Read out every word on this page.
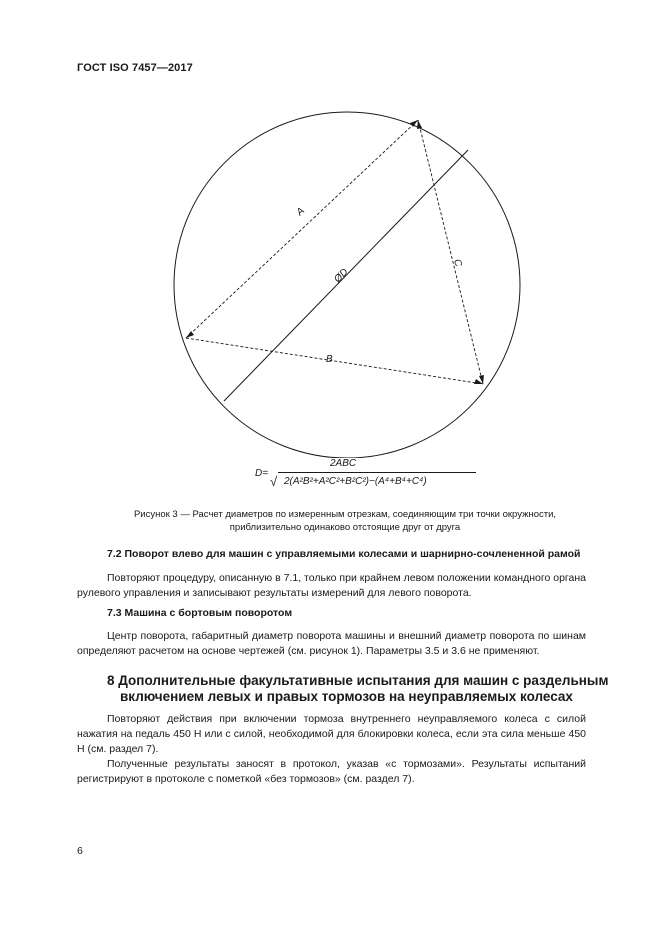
ГОСТ ISO 7457—2017
A
B
C
ØD
D=
2ABC
√ 2(A²B²+A²C²+B²C²)−(A⁴+B⁴+C⁴)
Рисунок 3 — Расчет диаметров по измеренным отрезкам, соединяющим три точки окружности,
приблизительно одинаково отстоящие друг от друга
7.2 Поворот влево для машин с управляемыми колесами и шарнирно-сочлененной рамой
Повторяют процедуру, описанную в 7.1, только при крайнем левом положении командного органа рулевого управления и записывают результаты измерений для левого поворота.
7.3 Машина с бортовым поворотом
Центр поворота, габаритный диаметр поворота машины и внешний диаметр поворота по шинам определяют расчетом на основе чертежей (см. рисунок 1). Параметры 3.5 и 3.6 не применяют.
8 Дополнительные факультативные испытания для машин с раздельным
включением левых и правых тормозов на неуправляемых колесах
Повторяют действия при включении тормоза внутреннего неуправляемого колеса с силой нажатия на педаль 450 Н или с силой, необходимой для блокировки колеса, если эта сила меньше 450 Н (см. раздел 7).
Полученные результаты заносят в протокол, указав «с тормозами». Результаты испытаний регистрируют в протоколе с пометкой «без тормозов» (см. раздел 7).
6
